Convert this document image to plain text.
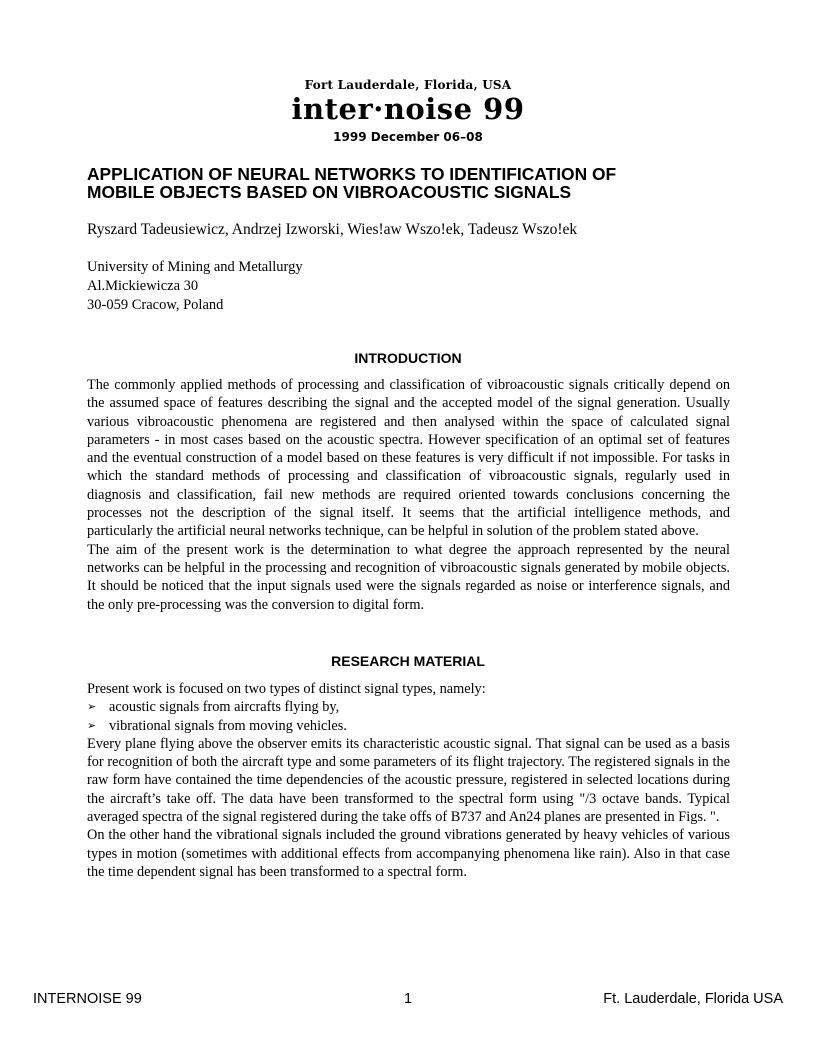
Fort Lauderdale, Florida, USA
inter·noise 99
1999 December 06–08
APPLICATION OF NEURAL NETWORKS TO IDENTIFICATION OF
MOBILE OBJECTS BASED ON VIBROACOUSTIC SIGNALS
Ryszard Tadeusiewicz, Andrzej Izworski, Wies!aw Wszo!ek, Tadeusz Wszo!ek
University of Mining and Metallurgy
Al.Mickiewicza 30
30-059 Cracow, Poland
INTRODUCTION

The commonly applied methods of processing and classification of vibroacoustic signals critically depend on the assumed space of features describing the signal and the accepted model of the signal generation. Usually various vibroacoustic phenomena are registered and then analysed within the space of calculated signal parameters - in most cases based on the acoustic spectra. However specification of an optimal set of features and the eventual construction of a model based on these features is very difficult if not impossible. For tasks in which the standard methods of processing and classification of vibroacoustic signals, regularly used in diagnosis and classification, fail new methods are required oriented towards conclusions concerning the processes not the description of the signal itself. It seems that the artificial intelligence methods, and particularly the artificial neural networks technique, can be helpful in solution of the problem stated above.

The aim of the present work is the determination to what degree the approach represented by the neural networks can be helpful in the processing and recognition of vibroacoustic signals generated by mobile objects. It should be noticed that the input signals used were the signals regarded as noise or interference signals, and the only pre-processing was the conversion to digital form.

RESEARCH MATERIAL

Present work is focused on two types of distinct signal types, namely:

➢ acoustic signals from aircrafts flying by,
➢ vibrational signals from moving vehicles.

Every plane flying above the observer emits its characteristic acoustic signal. That signal can be used as a basis for recognition of both the aircraft type and some parameters of its flight trajectory. The registered signals in the raw form have contained the time dependencies of the acoustic pressure, registered in selected locations during the aircraft’s take off. The data have been transformed to the spectral form using "/3 octave bands. Typical averaged spectra of the signal registered during the take offs of B737 and An24 planes are presented in Figs. ".

On the other hand the vibrational signals included the ground vibrations generated by heavy vehicles of various types in motion (sometimes with additional effects from accompanying phenomena like rain). Also in that case the time dependent signal has been transformed to a spectral form.

INTERNOISE 99	1	Ft. Lauderdale, Florida USA
